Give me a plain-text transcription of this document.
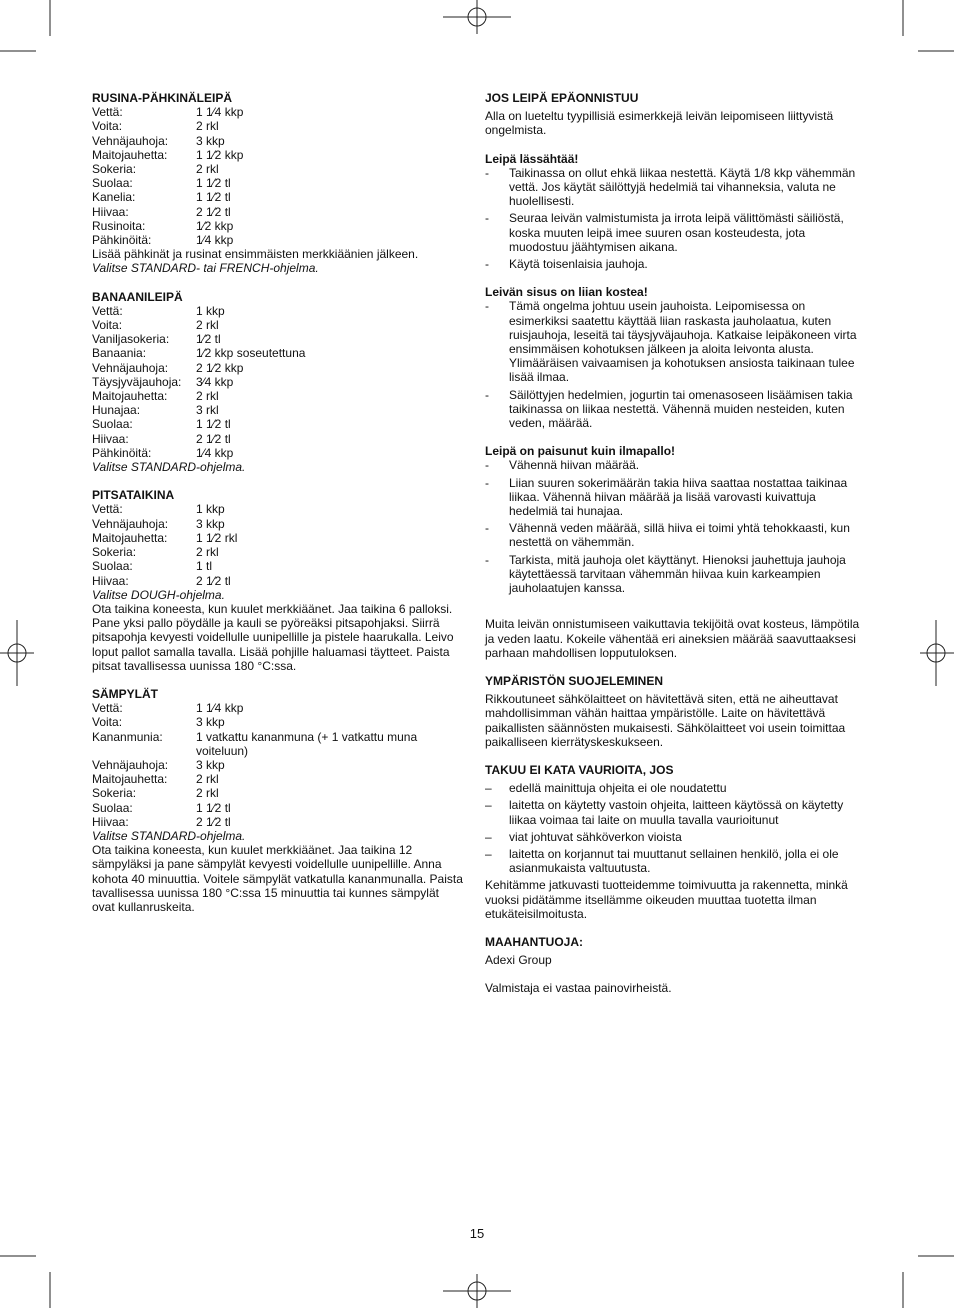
RUSINA-PÄHKINÄLEIPÄ
Vettä:	1 1⁄4 kkp
Voita:	2 rkl
Vehnäjauhoja:	3 kkp
Maitojauhetta:	1 1⁄2 kkp
Sokeria:	2 rkl
Suolaa:	1 1⁄2 tl
Kanelia:	1 1⁄2 tl
Hiivaa:	2 1⁄2 tl
Rusinoita:	1⁄2 kkp
Pähkinöitä:	1⁄4 kkp

Lisää pähkinät ja rusinat ensimmäisten merkkiäänien jälkeen.

Valitse STANDARD- tai FRENCH-ohjelma.

BANAANILEIPÄ
Vettä:	1 kkp
Voita:	2 rkl
Vaniljasokeria:	1⁄2 tl
Banaania:	1⁄2 kkp soseutettuna
Vehnäjauhoja:	2 1⁄2 kkp
Täysjyväjauhoja:	3⁄4 kkp
Maitojauhetta:	2 rkl
Hunajaa:	3 rkl
Suolaa:	1 1⁄2 tl
Hiivaa:	2 1⁄2 tl
Pähkinöitä:	1⁄4 kkp

Valitse STANDARD-ohjelma.

PITSATAIKINA
Vettä:	1 kkp
Vehnäjauhoja:	3 kkp
Maitojauhetta:	1 1⁄2 rkl
Sokeria:	2 rkl
Suolaa:	1 tl
Hiivaa:	2 1⁄2 tl

Valitse DOUGH-ohjelma.

Ota taikina koneesta, kun kuulet merkkiäänet. Jaa taikina 6 palloksi. Pane yksi pallo pöydälle ja kauli se pyöreäksi pitsapohjaksi. Siirrä pitsapohja kevyesti voidellulle uunipellille ja pistele haarukalla. Leivo loput pallot samalla tavalla. Lisää pohjille haluamasi täytteet. Paista pitsat tavallisessa uunissa 180 °C:ssa.

SÄMPYLÄT
Vettä:	1 1⁄4 kkp
Voita:	3 kkp
Kananmunia:	1 vatkattu kananmuna (+ 1 vatkattu muna voiteluun)
Vehnäjauhoja:	3 kkp
Maitojauhetta:	2 rkl
Sokeria:	2 rkl
Suolaa:	1 1⁄2 tl
Hiivaa:	2 1⁄2 tl

Valitse STANDARD-ohjelma.

Ota taikina koneesta, kun kuulet merkkiäänet. Jaa taikina 12 sämpyläksi ja pane sämpylät kevyesti voidellulle uunipellille. Anna kohota 40 minuuttia. Voitele sämpylät vatkatulla kananmunalla. Paista tavallisessa uunissa 180 °C:ssa 15 minuuttia tai kunnes sämpylät ovat kullanruskeita.

JOS LEIPÄ EPÄONNISTUU

Alla on lueteltu tyypillisiä esimerkkejä leivän leipomiseen liittyvistä ongelmista.

Leipä lässähtää!
- Taikinassa on ollut ehkä liikaa nestettä. Käytä 1/8 kkp vähemmän vettä. Jos käytät säilöttyjä hedelmiä tai vihanneksia, valuta ne huolellisesti.
- Seuraa leivän valmistumista ja irrota leipä välittömästi säiliöstä, koska muuten leipä imee suuren osan kosteudesta, jota muodostuu jäähtymisen aikana.
- Käytä toisenlaisia jauhoja.
Leivän sisus on liian kostea!
- Tämä ongelma johtuu usein jauhoista. Leipomisessa on esimerkiksi saatettu käyttää liian raskasta jauholaatua, kuten ruisjauhoja, leseitä tai täysjyväjauhoja. Katkaise leipäkoneen virta ensimmäisen kohotuksen jälkeen ja aloita leivonta alusta. Ylimääräisen vaivaamisen ja kohotuksen ansiosta taikinaan tulee lisää ilmaa.
- Säilöttyjen hedelmien, jogurtin tai omenasoseen lisäämisen takia taikinassa on liikaa nestettä. Vähennä muiden nesteiden, kuten veden, määrää.
Leipä on paisunut kuin ilmapallo!
- Vähennä hiivan määrää.
- Liian suuren sokerimäärän takia hiiva saattaa nostattaa taikinaa liikaa. Vähennä hiivan määrää ja lisää varovasti kuivattuja hedelmiä tai hunajaa.
- Vähennä veden määrää, sillä hiiva ei toimi yhtä tehokkaasti, kun nestettä on vähemmän.
- Tarkista, mitä jauhoja olet käyttänyt. Hienoksi jauhettuja jauhoja käytettäessä tarvitaan vähemmän hiivaa kuin karkeampien jauholaatujen kanssa.

Muita leivän onnistumiseen vaikuttavia tekijöitä ovat kosteus, lämpötila ja veden laatu. Kokeile vähentää eri aineksien määrää saavuttaaksesi parhaan mahdollisen lopputuloksen.

YMPÄRISTÖN SUOJELEMINEN

Rikkoutuneet sähkölaitteet on hävitettävä siten, että ne aiheuttavat mahdollisimman vähän haittaa ympäristölle. Laite on hävitettävä paikallisten säännösten mukaisesti. Sähkölaitteet voi usein toimittaa paikalliseen kierrätyskeskukseen.

TAKUU EI KATA VAURIOITA, JOS
– edellä mainittuja ohjeita ei ole noudatettu
– laitetta on käytetty vastoin ohjeita, laitteen käytössä on käytetty liikaa voimaa tai laite on muulla tavalla vaurioitunut
– viat johtuvat sähköverkon vioista
– laitetta on korjannut tai muuttanut sellainen henkilö, jolla ei ole asianmukaista valtuutusta.

Kehitämme jatkuvasti tuotteidemme toimivuutta ja rakennetta, minkä vuoksi pidätämme itsellämme oikeuden muuttaa tuotetta ilman etukäteisilmoitusta.

MAAHANTUOJA:

Adexi Group

Valmistaja ei vastaa painovirheistä.

15
